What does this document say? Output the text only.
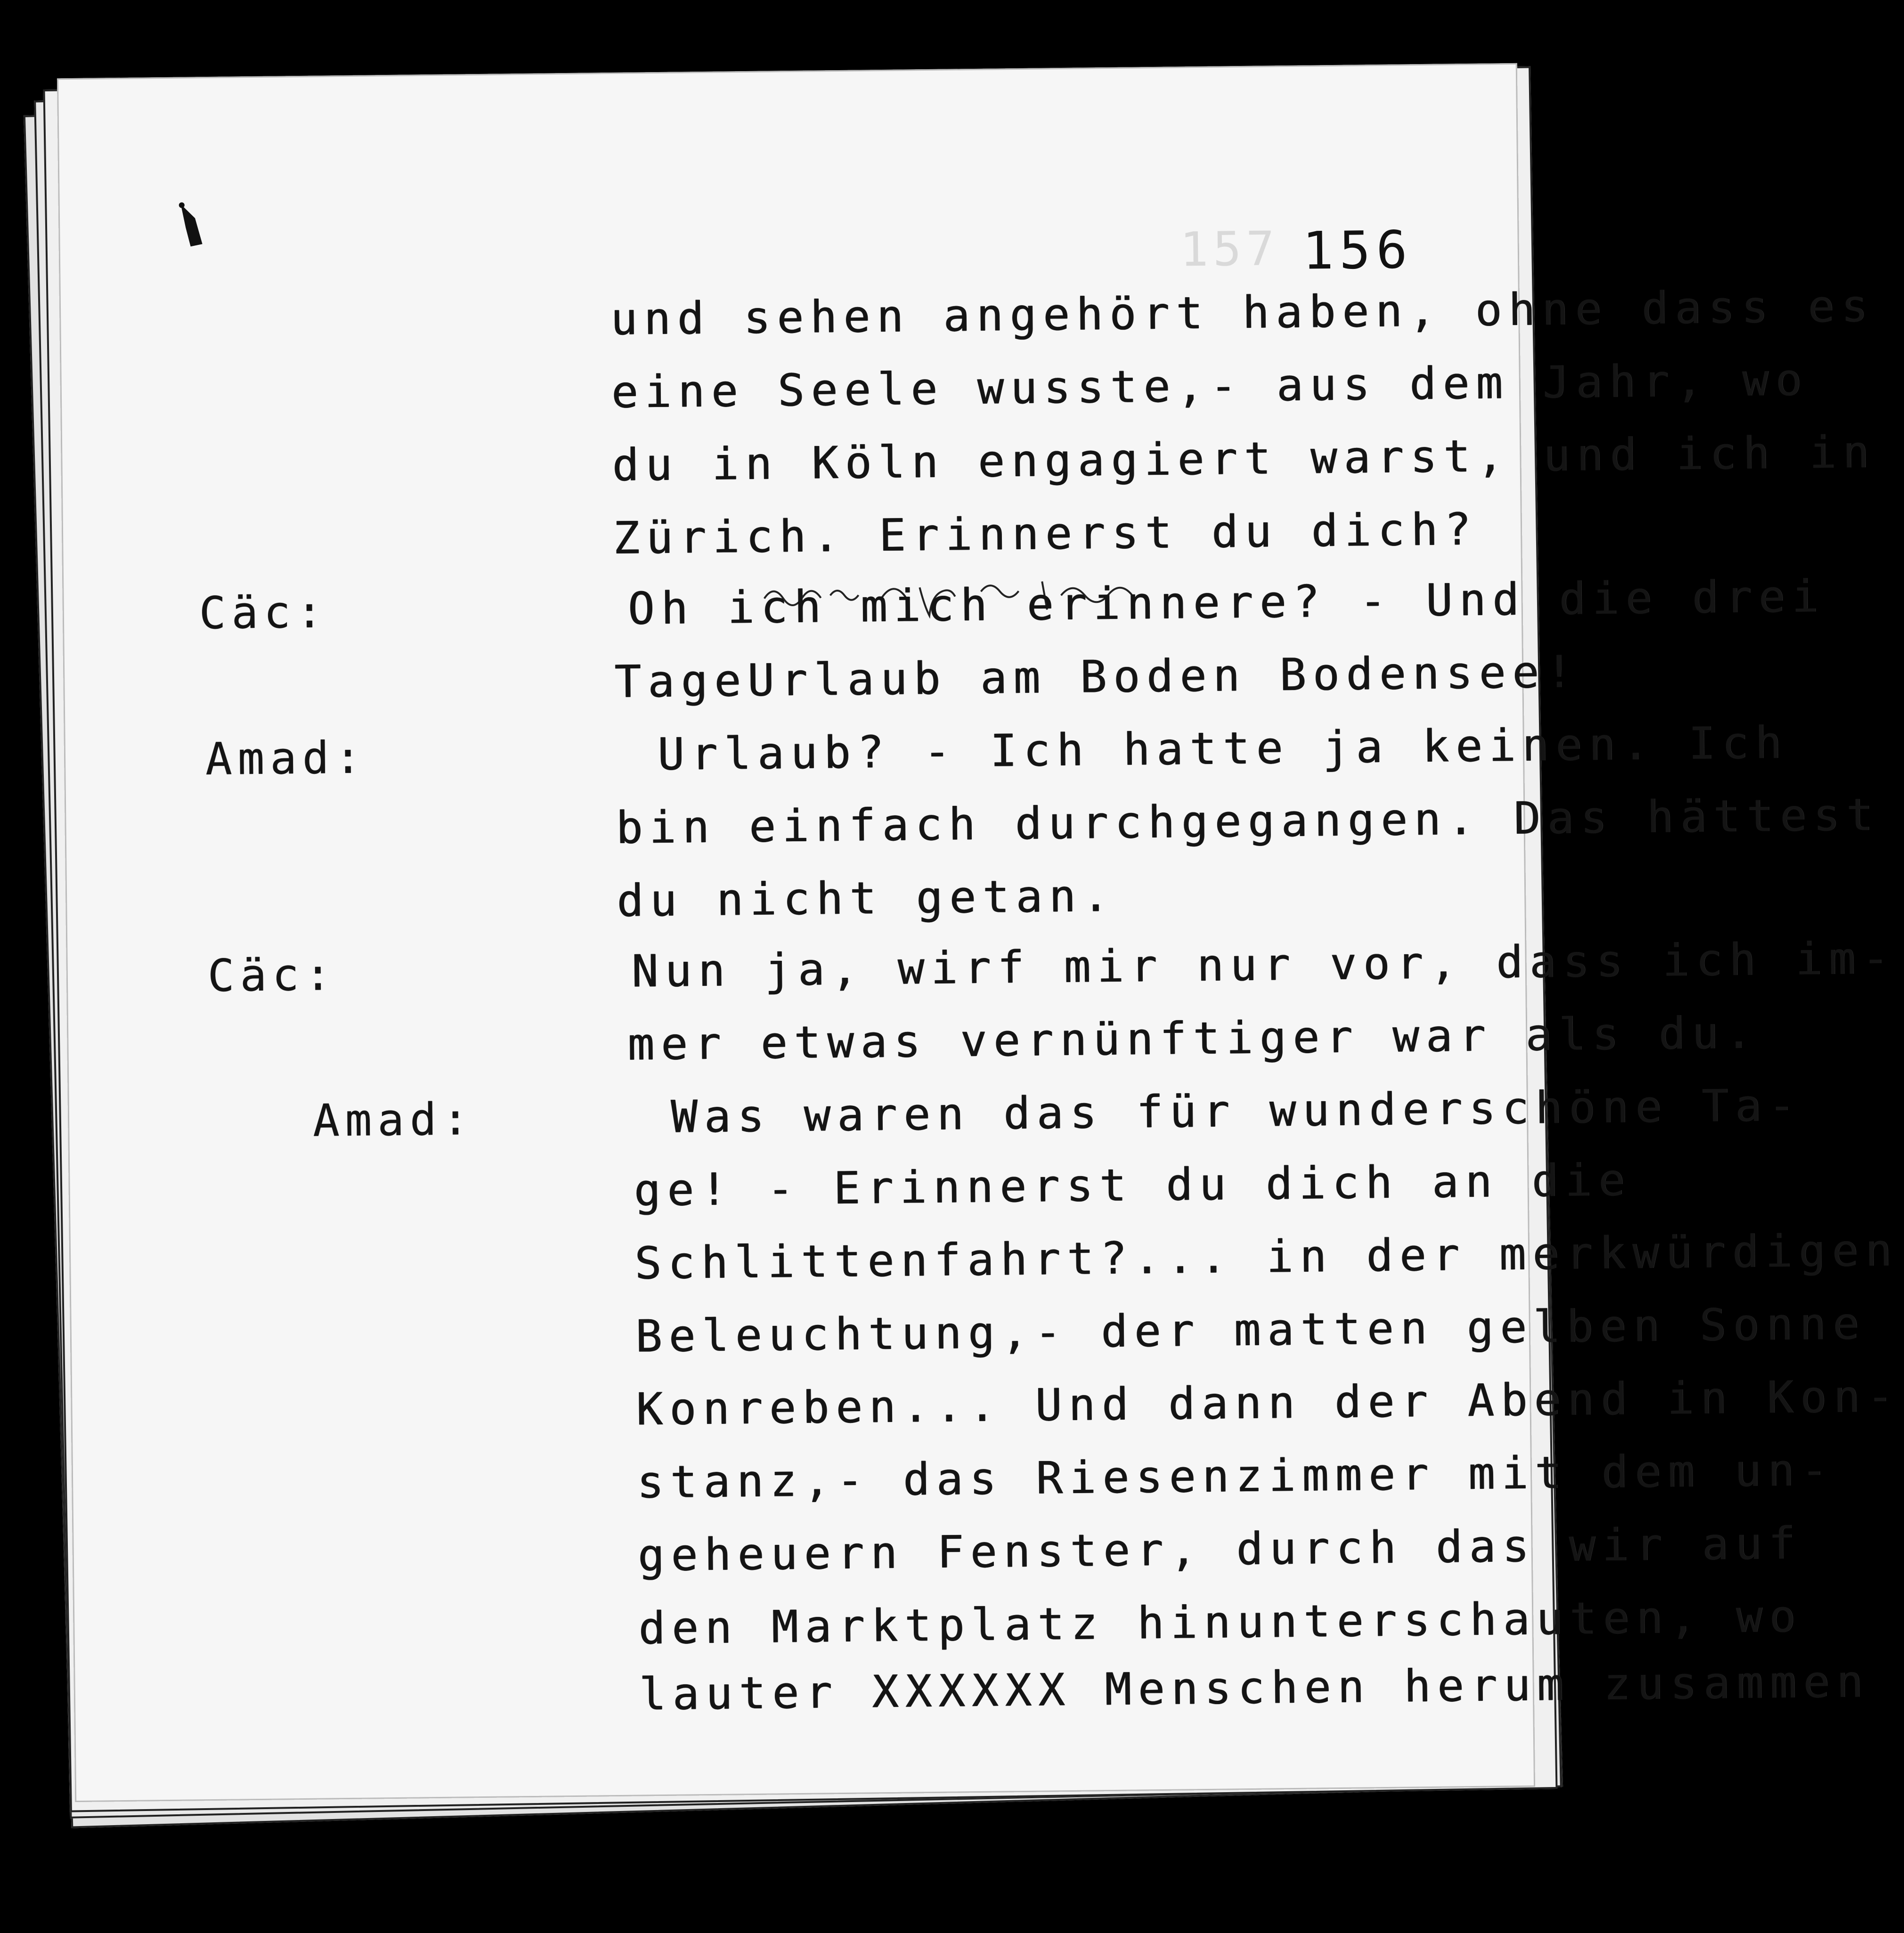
157 156
und sehen angehört haben, ohne dass es
eine Seele wusste,- aus dem Jahr, wo
du in Köln engagiert warst, und ich in
Zürich. Erinnerst du dich?
Cäc:	Oh ich mich erinnere? - Und die drei
TageUrlaub am Boden Bodensee!
Amad:	Urlaub? - Ich hatte ja keinen. Ich
bin einfach durchgegangen. Das hättest
du nicht getan.
Cäc:	Nun ja, wirf mir nur vor, dass ich im-
mer etwas vernünftiger war als du.
Amad:	Was waren das für wunderschöne Ta-
ge! - Erinnerst du dich an die
Schlittenfahrt?... in der merkwürdigen
Beleuchtung,- der matten gelben Sonne
Konreben... Und dann der Abend in Kon-
stanz,- das Riesenzimmer mit dem un-
geheuern Fenster, durch das wir auf
den Marktplatz hinunterschauten, wo
lauter XXXXXX Menschen herum zusammen
